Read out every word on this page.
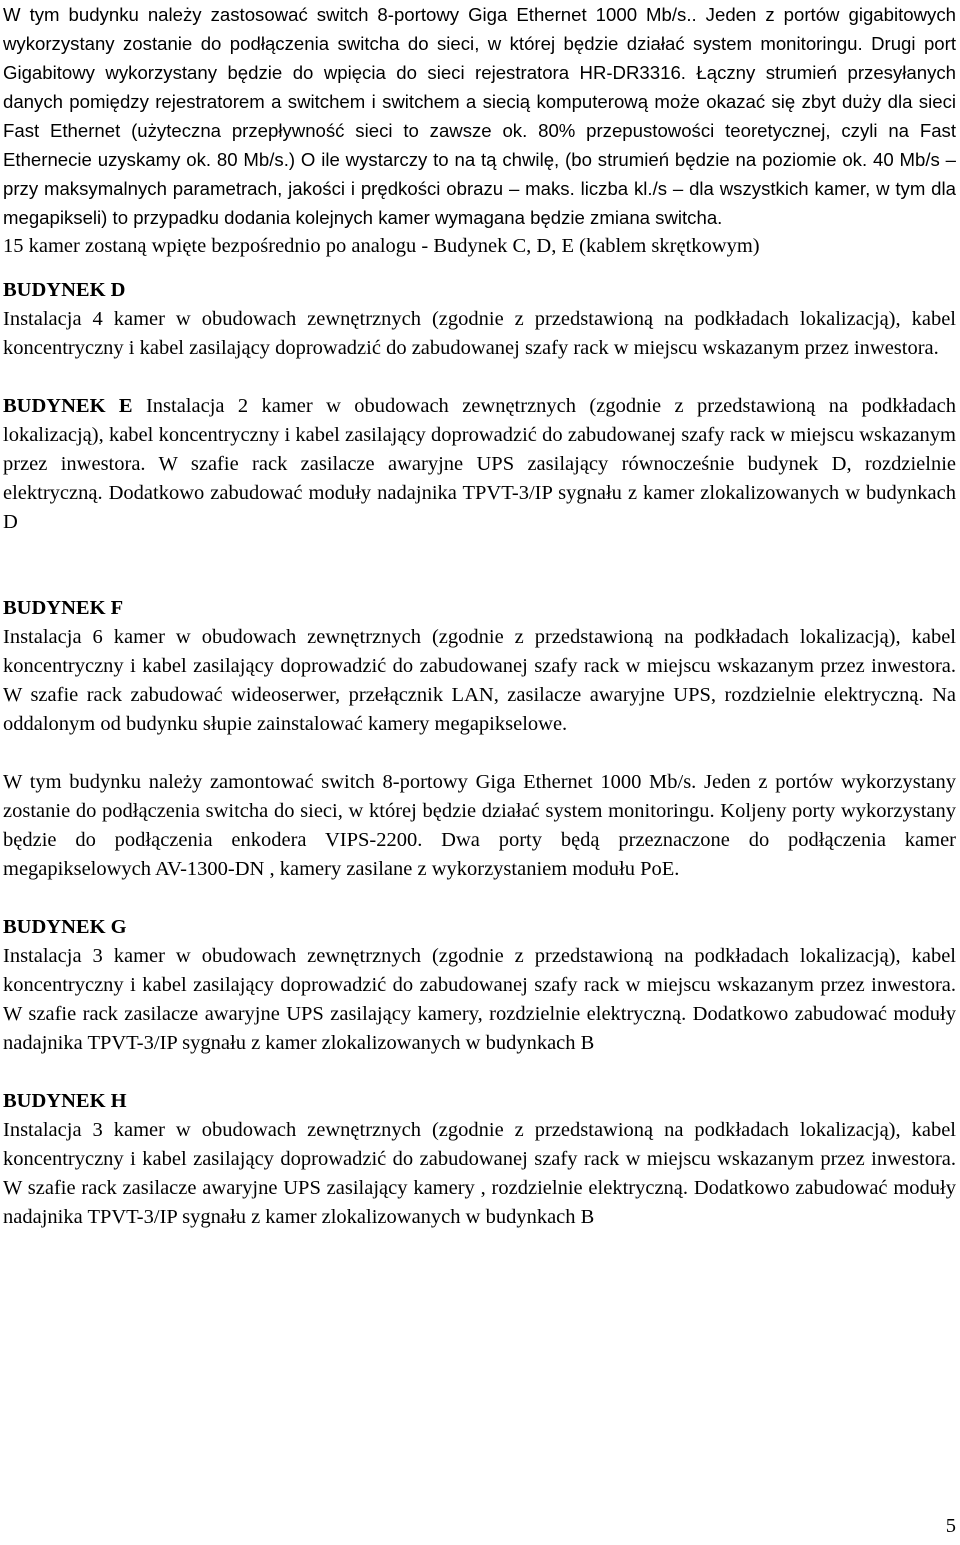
W tym budynku należy zastosować switch 8-portowy Giga Ethernet 1000 Mb/s.. Jeden z portów gigabitowych wykorzystany zostanie do podłączenia switcha do sieci, w której będzie działać system monitoringu. Drugi port Gigabitowy wykorzystany będzie do wpięcia do sieci rejestratora HR-DR3316. Łączny strumień przesyłanych danych pomiędzy rejestratorem a switchem i switchem a siecią komputerową może okazać się zbyt duży dla sieci Fast Ethernet (użyteczna przepływność sieci to zawsze ok. 80% przepustowości teoretycznej, czyli na Fast Ethernecie uzyskamy ok. 80 Mb/s.) O ile wystarczy to na tą chwilę, (bo strumień będzie na poziomie ok. 40 Mb/s – przy maksymalnych parametrach, jakości i prędkości obrazu – maks. liczba kl./s – dla wszystkich kamer, w tym dla megapikseli) to przypadku dodania kolejnych kamer wymagana będzie zmiana switcha.

15 kamer zostaną wpięte bezpośrednio po analogu - Budynek C, D, E (kablem skrętkowym)

BUDYNEK D

Instalacja 4 kamer w obudowach zewnętrznych (zgodnie z przedstawioną na podkładach lokalizacją), kabel koncentryczny i kabel zasilający doprowadzić do zabudowanej szafy rack w miejscu wskazanym przez inwestora.

BUDYNEK E Instalacja 2 kamer w obudowach zewnętrznych (zgodnie z przedstawioną na podkładach lokalizacją), kabel koncentryczny i kabel zasilający doprowadzić do zabudowanej szafy rack w miejscu wskazanym przez inwestora. W szafie rack zasilacze awaryjne UPS zasilający równocześnie budynek D, rozdzielnie elektryczną. Dodatkowo zabudować moduły nadajnika TPVT-3/IP sygnału z kamer zlokalizowanych w budynkach D

BUDYNEK F

Instalacja 6 kamer w obudowach zewnętrznych (zgodnie z przedstawioną na podkładach lokalizacją), kabel koncentryczny i kabel zasilający doprowadzić do zabudowanej szafy rack w miejscu wskazanym przez inwestora. W szafie rack zabudować wideoserwer, przełącznik LAN, zasilacze awaryjne UPS, rozdzielnie elektryczną. Na oddalonym od budynku słupie zainstalować kamery megapikselowe.

W tym budynku należy zamontować switch 8-portowy Giga Ethernet 1000 Mb/s. Jeden z portów wykorzystany zostanie do podłączenia switcha do sieci, w której będzie działać system monitoringu. Koljeny porty wykorzystany będzie do podłączenia enkodera VIPS-2200. Dwa porty będą przeznaczone do podłączenia kamer megapikselowych AV-1300-DN , kamery zasilane z wykorzystaniem modułu PoE.

BUDYNEK G

Instalacja 3 kamer w obudowach zewnętrznych (zgodnie z przedstawioną na podkładach lokalizacją), kabel koncentryczny i kabel zasilający doprowadzić do zabudowanej szafy rack w miejscu wskazanym przez inwestora. W szafie rack zasilacze awaryjne UPS zasilający kamery, rozdzielnie elektryczną. Dodatkowo zabudować moduły nadajnika TPVT-3/IP sygnału z kamer zlokalizowanych w budynkach B

BUDYNEK H

Instalacja 3 kamer w obudowach zewnętrznych (zgodnie z przedstawioną na podkładach lokalizacją), kabel koncentryczny i kabel zasilający doprowadzić do zabudowanej szafy rack w miejscu wskazanym przez inwestora. W szafie rack zasilacze awaryjne UPS zasilający kamery , rozdzielnie elektryczną. Dodatkowo zabudować moduły nadajnika TPVT-3/IP sygnału z kamer zlokalizowanych w budynkach B

5
